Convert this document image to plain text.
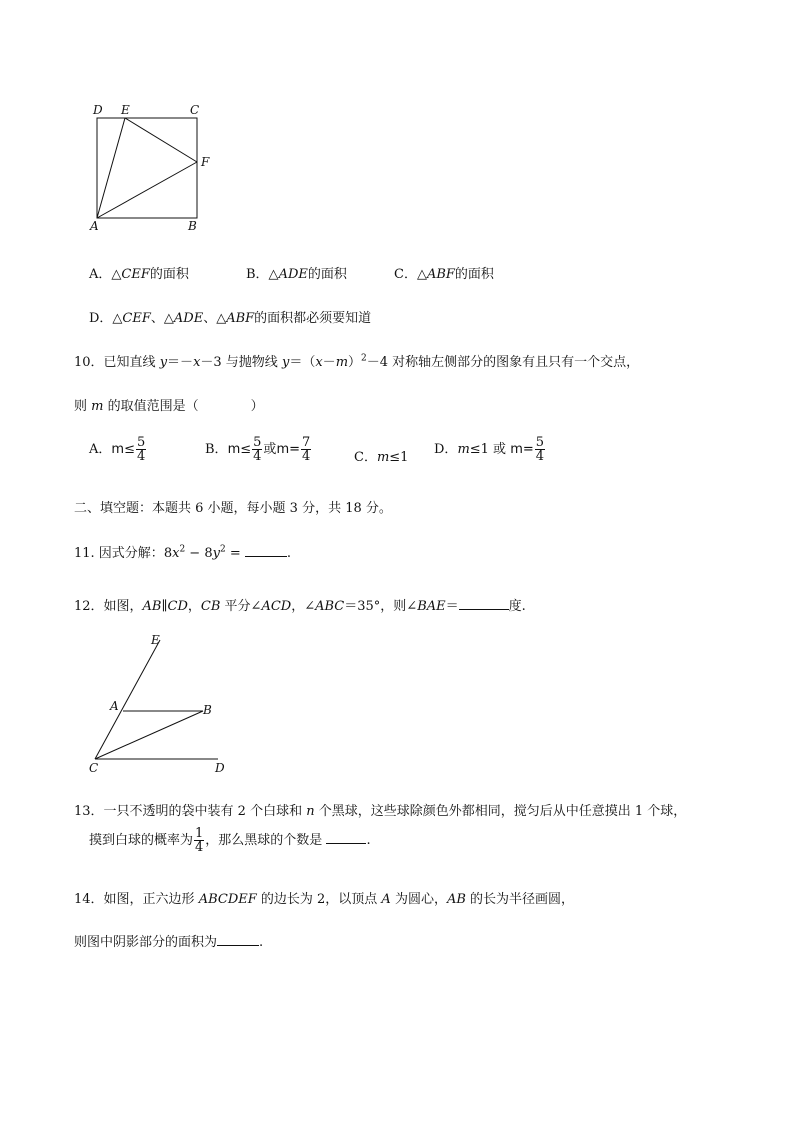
D E	C
F
A	B
A．△CEF的面积	B．△ADE的面积	C．△ABF的面积
D．△CEF、△ADE、△ABF的面积都必须要知道
10．已知直线 y＝－x－3 与抛物线 $y=(x-m)^2-4$ 对称轴左侧部分的图象有且只有一个交点，
则 m 的取值范围是（　　　　）
A．$m\le \frac{5}{4}$	B．$m\le \frac{5}{4}$ 或$m= \frac{7}{4}$	C．m≤1
D．m≤1 或 $m= \frac{5}{4}$
二、填空题：本题共 6 小题，每小题 3 分，共 18 分。
11. 因式分解：$8x^2 - 8y^2$ =	.
12．如图，AB∥CD，CB 平分∠ACD，∠ABC＝35°，则∠BAE＝	度.
E
A	B
C	D
13．一只不透明的袋中装有 2 个白球和 n 个黑球，这些球除颜色外都相同，搅匀后从中任意摸出 1 个球，
摸到白球的概率为 $\frac{1}{4}$ ，那么黑球的个数是	.
14．如图，正六边形 ABCDEF 的边长为 2，以顶点 A 为圆心，AB 的长为半径画圆，
则图中阴影部分的面积为	.
